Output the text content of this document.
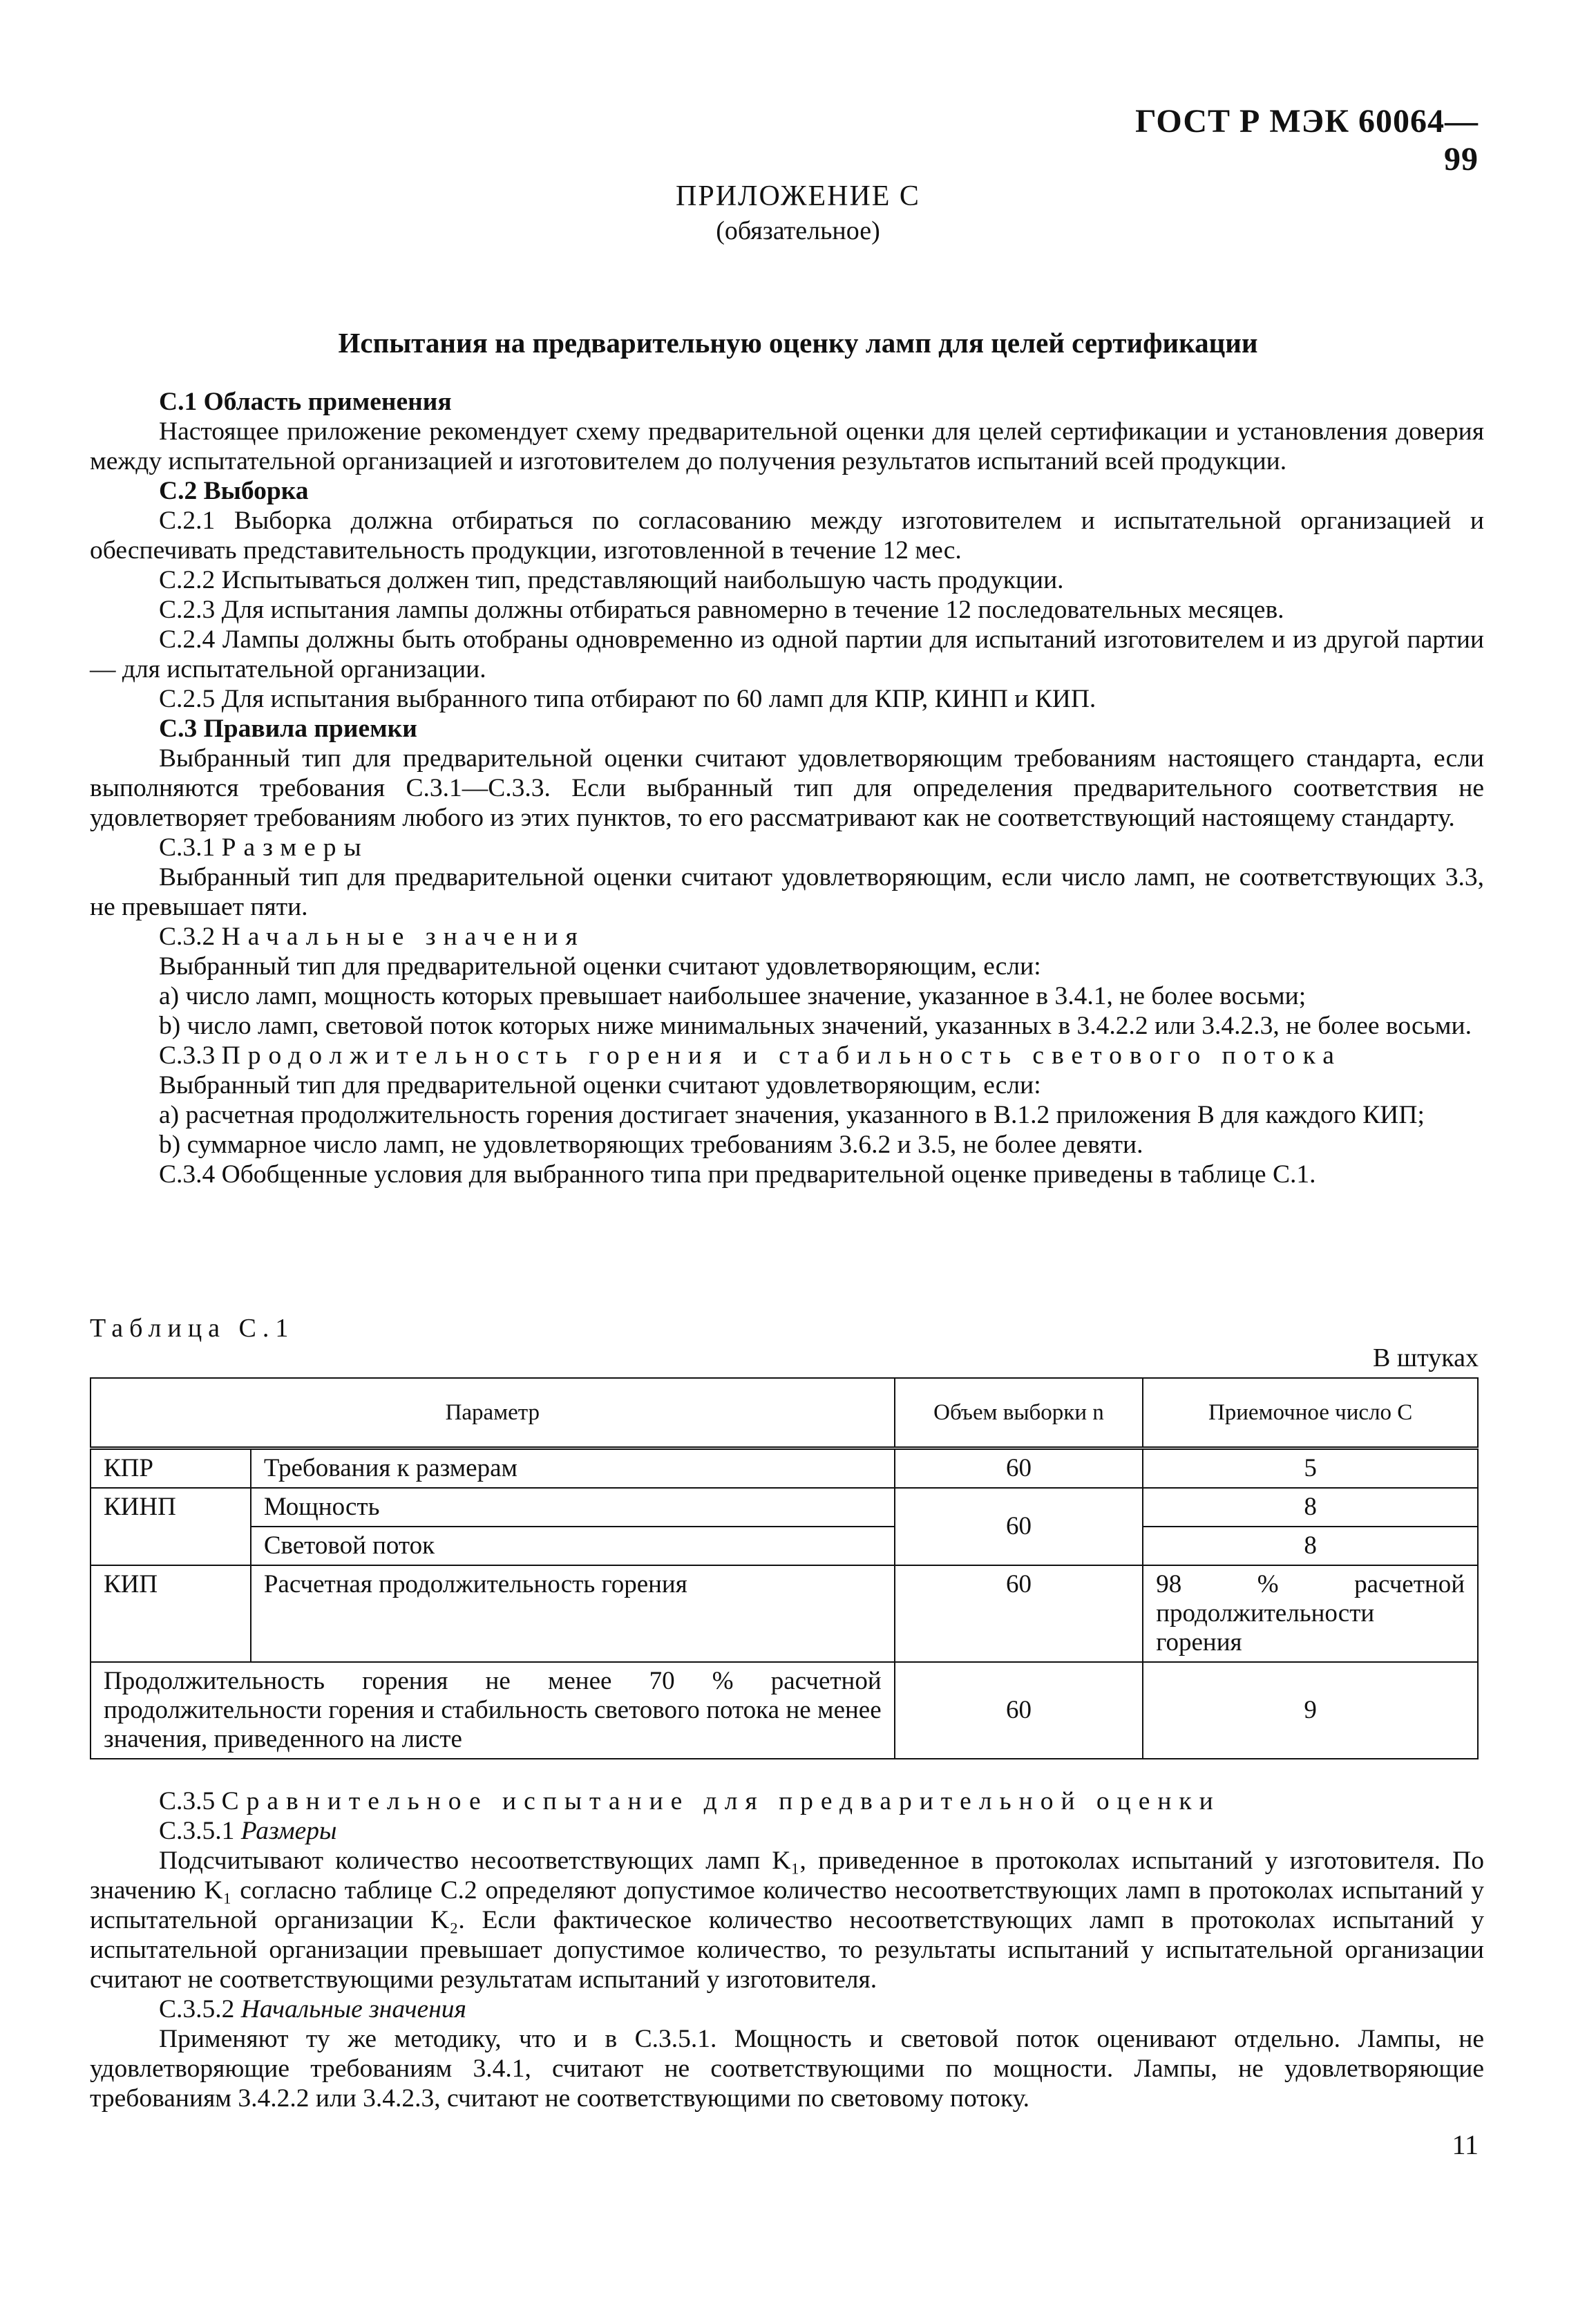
ГОСТ Р МЭК 60064—99
ПРИЛОЖЕНИЕ С
(обязательное)
Испытания на предварительную оценку ламп для целей сертификации

С.1 Область применения

Настоящее приложение рекомендует схему предварительной оценки для целей сертификации и установления доверия между испытательной организацией и изготовителем до получения результатов испытаний всей продукции.

С.2 Выборка

С.2.1 Выборка должна отбираться по согласованию между изготовителем и испытательной организацией и обеспечивать представительность продукции, изготовленной в течение 12 мес.

С.2.2 Испытываться должен тип, представляющий наибольшую часть продукции.

С.2.3 Для испытания лампы должны отбираться равномерно в течение 12 последовательных месяцев.

С.2.4 Лампы должны быть отобраны одновременно из одной партии для испытаний изготовителем и из другой партии — для испытательной организации.

С.2.5 Для испытания выбранного типа отбирают по 60 ламп для КПР, КИНП и КИП.

С.3 Правила приемки

Выбранный тип для предварительной оценки считают удовлетворяющим требованиям настоящего стандарта, если выполняются требования С.3.1—С.3.3. Если выбранный тип для определения предварительного соответствия не удовлетворяет требованиям любого из этих пунктов, то его рассматривают как не соответствующий настоящему стандарту.

С.3.1 Размеры

Выбранный тип для предварительной оценки считают удовлетворяющим, если число ламп, не соответствующих 3.3, не превышает пяти.

С.3.2 Начальные значения

Выбранный тип для предварительной оценки считают удовлетворяющим, если:

a) число ламп, мощность которых превышает наибольшее значение, указанное в 3.4.1, не более восьми;

b) число ламп, световой поток которых ниже минимальных значений, указанных в 3.4.2.2 или 3.4.2.3, не более восьми.

С.3.3 Продолжительность горения и стабильность светового потока

Выбранный тип для предварительной оценки считают удовлетворяющим, если:

a) расчетная продолжительность горения достигает значения, указанного в В.1.2 приложения В для каждого КИП;

b) суммарное число ламп, не удовлетворяющих требованиям 3.6.2 и 3.5, не более девяти.

С.3.4 Обобщенные условия для выбранного типа при предварительной оценке приведены в таблице С.1.

Таблица С.1
В штуках
Параметр		Объем выборки n	Приемочное число С
КПР	Требования к размерам	60	5
КИНП	Мощность	60	8
	Световой поток		8
КИП	Расчетная продолжительность горения	60	98 % расчетной продолжительности горения
Продолжительность горения не менее 70 % расчетной продолжительности горения и стабильность светового потока не менее значения, приведенного на листе		60	9

С.3.5 Сравнительное испытание для предварительной оценки

С.3.5.1 Размеры

Подсчитывают количество несоответствующих ламп K₁, приведенное в протоколах испытаний у изготовителя. По значению K₁ согласно таблице С.2 определяют допустимое количество несоответствующих ламп в протоколах испытаний у испытательной организации K₂. Если фактическое количество несоответствующих ламп в протоколах испытаний у испытательной организации превышает допустимое количество, то результаты испытаний у испытательной организации считают не соответствующими результатам испытаний у изготовителя.

С.3.5.2 Начальные значения

Применяют ту же методику, что и в С.3.5.1. Мощность и световой поток оценивают отдельно. Лампы, не удовлетворяющие требованиям 3.4.1, считают не соответствующими по мощности. Лампы, не удовлетворяющие требованиям 3.4.2.2 или 3.4.2.3, считают не соответствующими по световому потоку.

11
